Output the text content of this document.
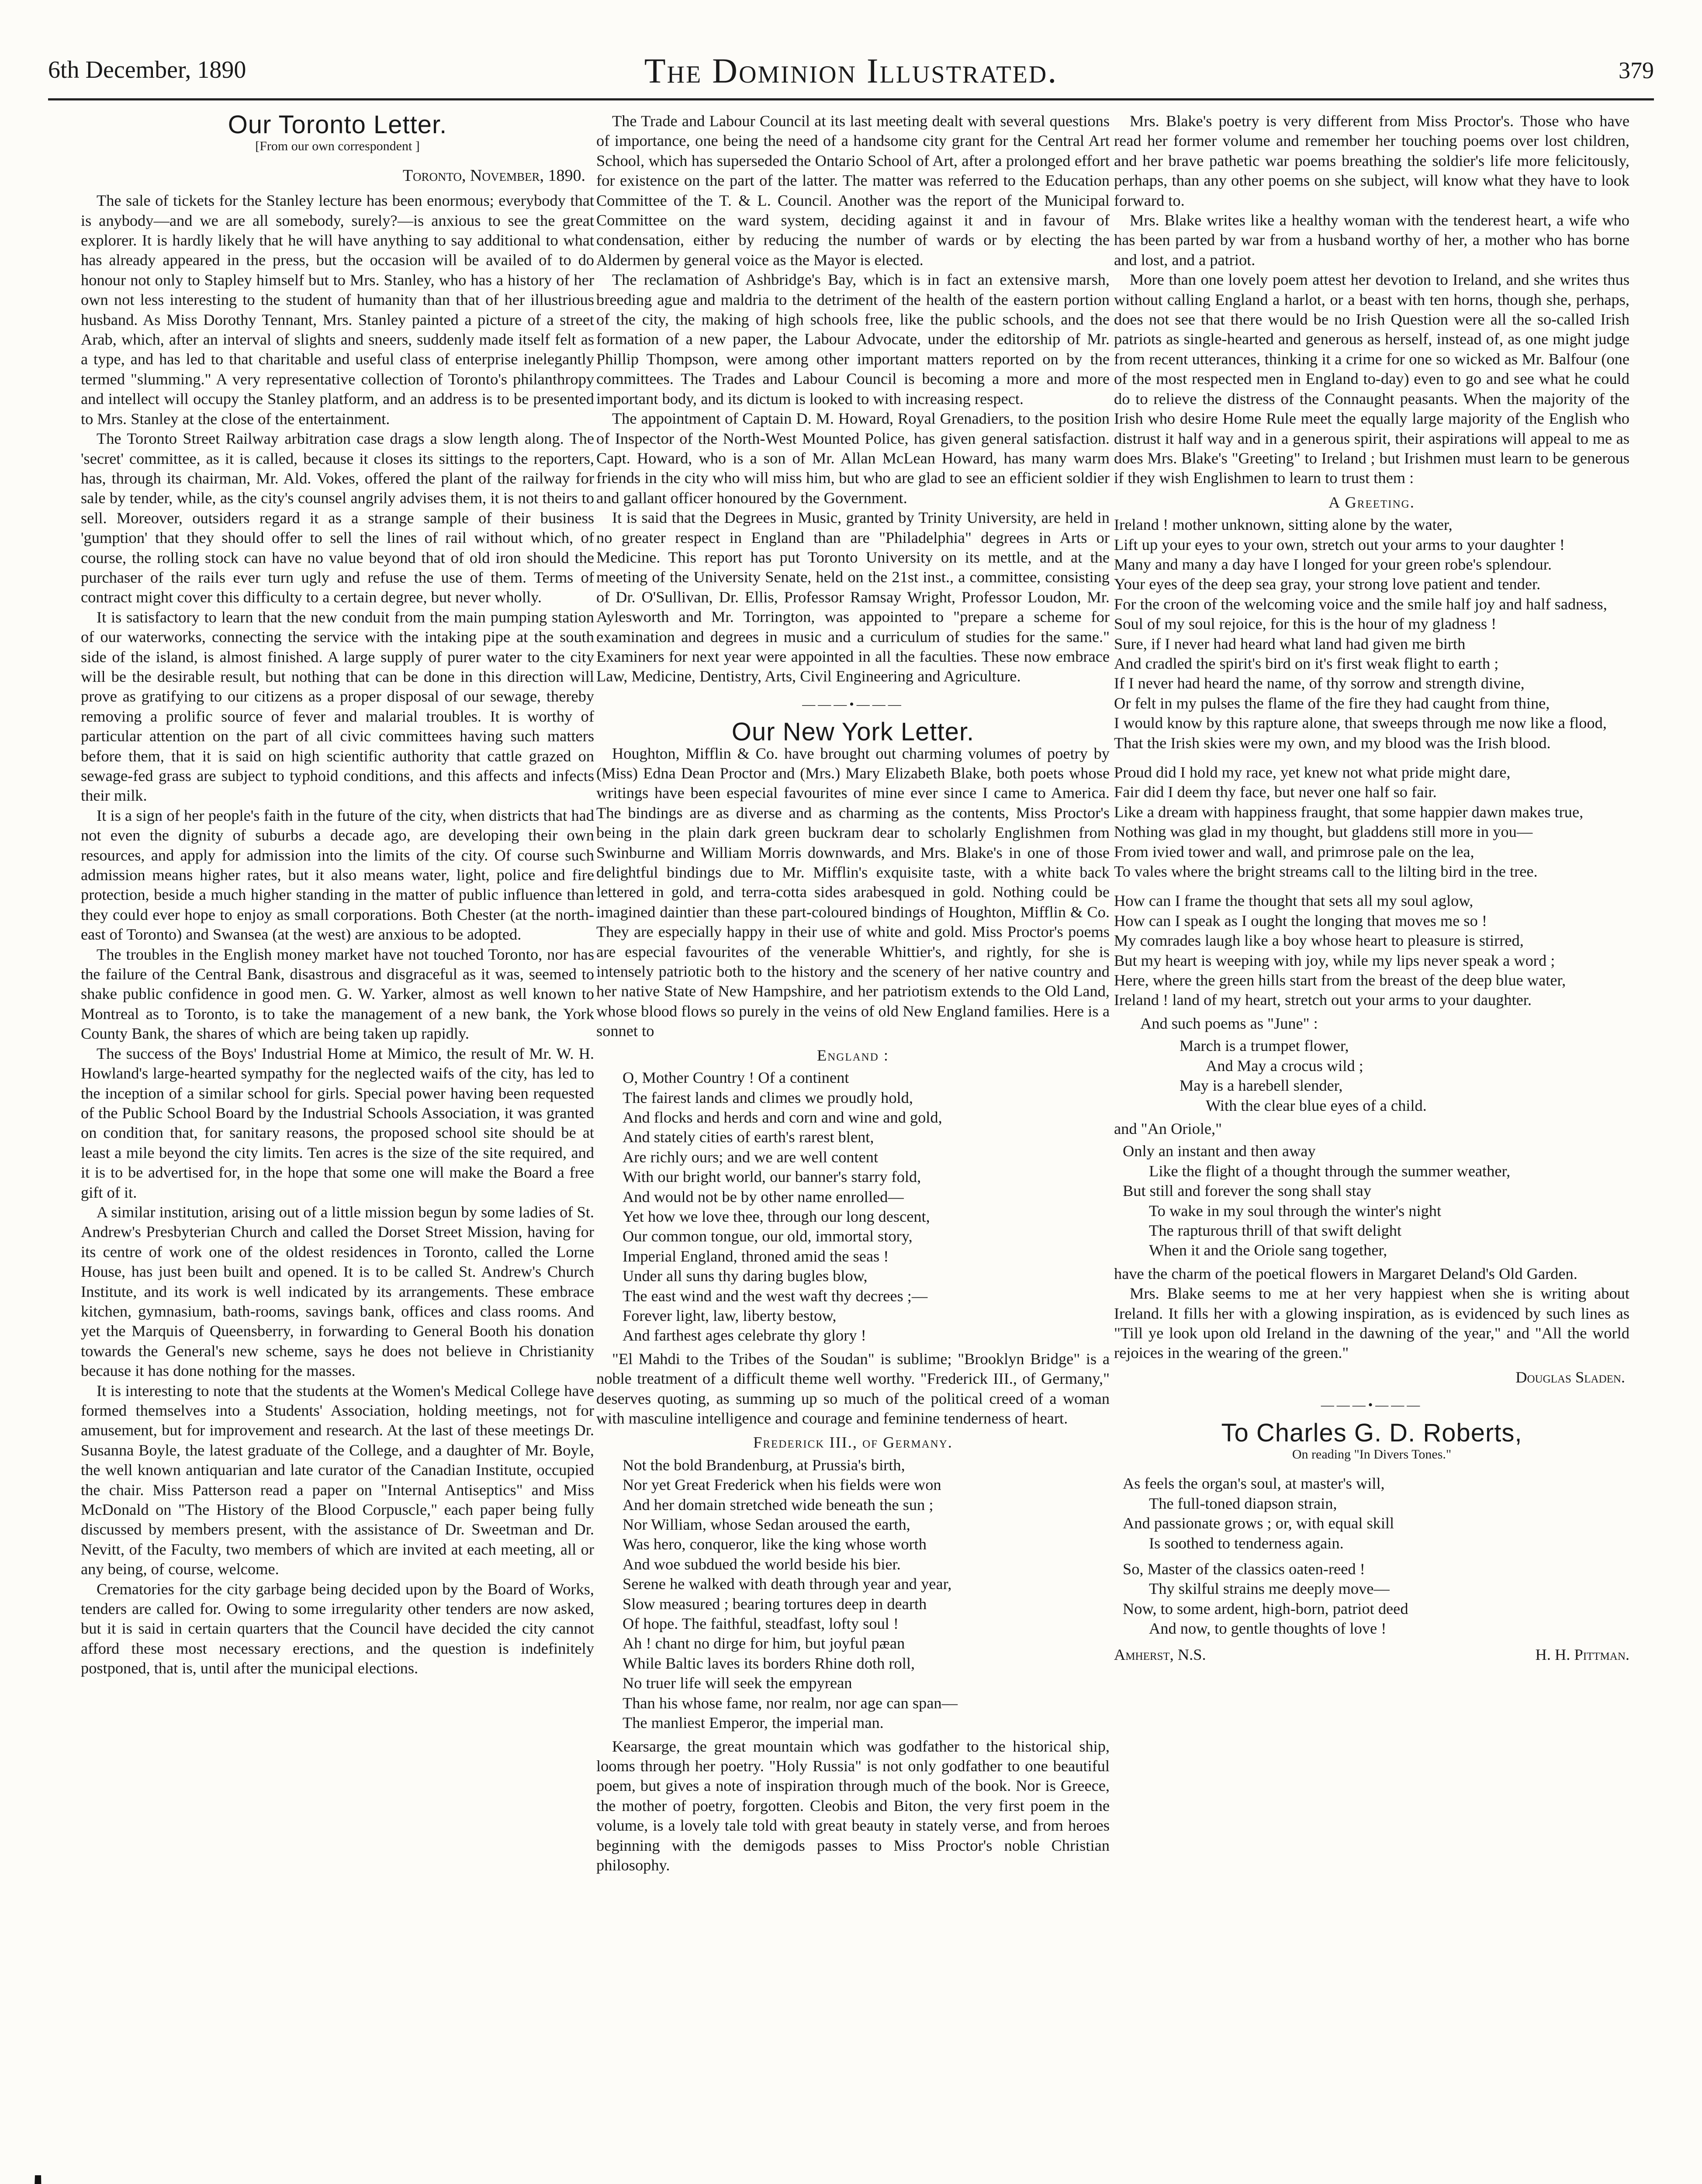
6th December, 1890	The Dominion Illustrated.	379
Our Toronto Letter.
[From our own correspondent ]
Toronto, November, 1890.

The sale of tickets for the Stanley lecture has been enormous; everybody that is anybody—and we are all somebody, surely?—is anxious to see the great explorer. It is hardly likely that he will have anything to say additional to what has already appeared in the press, but the occasion will be availed of to do honour not only to Stapley himself but to Mrs. Stanley, who has a history of her own not less interesting to the student of humanity than that of her illustrious husband. As Miss Dorothy Tennant, Mrs. Stanley painted a picture of a street Arab, which, after an interval of slights and sneers, suddenly made itself felt as a type, and has led to that charitable and useful class of enterprise inelegantly termed "slumming." A very representative collection of Toronto's philanthropy and intellect will occupy the Stanley platform, and an address is to be presented to Mrs. Stanley at the close of the entertainment.

The Toronto Street Railway arbitration case drags a slow length along. The 'secret' committee, as it is called, because it closes its sittings to the reporters, has, through its chairman, Mr. Ald. Vokes, offered the plant of the railway for sale by tender, while, as the city's counsel angrily advises them, it is not theirs to sell. Moreover, outsiders regard it as a strange sample of their business 'gumption' that they should offer to sell the lines of rail without which, of course, the rolling stock can have no value beyond that of old iron should the purchaser of the rails ever turn ugly and refuse the use of them. Terms of contract might cover this difficulty to a certain degree, but never wholly.

It is satisfactory to learn that the new conduit from the main pumping station of our waterworks, connecting the service with the intaking pipe at the south side of the island, is almost finished. A large supply of purer water to the city will be the desirable result, but nothing that can be done in this direction will prove as gratifying to our citizens as a proper disposal of our sewage, thereby removing a prolific source of fever and malarial troubles. It is worthy of particular attention on the part of all civic committees having such matters before them, that it is said on high scientific authority that cattle grazed on sewage-fed grass are subject to typhoid conditions, and this affects and infects their milk.

It is a sign of her people's faith in the future of the city, when districts that had not even the dignity of suburbs a decade ago, are developing their own resources, and apply for admission into the limits of the city. Of course such admission means higher rates, but it also means water, light, police and fire protection, beside a much higher standing in the matter of public influence than they could ever hope to enjoy as small corporations. Both Chester (at the north-east of Toronto) and Swansea (at the west) are anxious to be adopted.

The troubles in the English money market have not touched Toronto, nor has the failure of the Central Bank, disastrous and disgraceful as it was, seemed to shake public confidence in good men. G. W. Yarker, almost as well known to Montreal as to Toronto, is to take the management of a new bank, the York County Bank, the shares of which are being taken up rapidly.

The success of the Boys' Industrial Home at Mimico, the result of Mr. W. H. Howland's large-hearted sympathy for the neglected waifs of the city, has led to the inception of a similar school for girls. Special power having been requested of the Public School Board by the Industrial Schools Association, it was granted on condition that, for sanitary reasons, the proposed school site should be at least a mile beyond the city limits. Ten acres is the size of the site required, and it is to be advertised for, in the hope that some one will make the Board a free gift of it.

A similar institution, arising out of a little mission begun by some ladies of St. Andrew's Presbyterian Church and called the Dorset Street Mission, having for its centre of work one of the oldest residences in Toronto, called the Lorne House, has just been built and opened. It is to be called St. Andrew's Church Institute, and its work is well indicated by its arrangements. These embrace kitchen, gymnasium, bath-rooms, savings bank, offices and class rooms. And yet the Marquis of Queensberry, in forwarding to General Booth his donation towards the General's new scheme, says he does not believe in Christianity because it has done nothing for the masses.

It is interesting to note that the students at the Women's Medical College have formed themselves into a Students' Association, holding meetings, not for amusement, but for improvement and research. At the last of these meetings Dr. Susanna Boyle, the latest graduate of the College, and a daughter of Mr. Boyle, the well known antiquarian and late curator of the Canadian Institute, occupied the chair. Miss Patterson read a paper on "Internal Antiseptics" and Miss McDonald on "The History of the Blood Corpuscle," each paper being fully discussed by members present, with the assistance of Dr. Sweetman and Dr. Nevitt, of the Faculty, two members of which are invited at each meeting, all or any being, of course, welcome.

Crematories for the city garbage being decided upon by the Board of Works, tenders are called for. Owing to some irregularity other tenders are now asked, but it is said in certain quarters that the Council have decided the city cannot afford these most necessary erections, and the question is indefinitely postponed, that is, until after the municipal elections.

The Trade and Labour Council at its last meeting dealt with several questions of importance, one being the need of a handsome city grant for the Central Art School, which has superseded the Ontario School of Art, after a prolonged effort for existence on the part of the latter. The matter was referred to the Education Committee of the T. & L. Council. Another was the report of the Municipal Committee on the ward system, deciding against it and in favour of condensation, either by reducing the number of wards or by electing the Aldermen by general voice as the Mayor is elected.

The reclamation of Ashbridge's Bay, which is in fact an extensive marsh, breeding ague and maldria to the detriment of the health of the eastern portion of the city, the making of high schools free, like the public schools, and the formation of a new paper, the Labour Advocate, under the editorship of Mr. Phillip Thompson, were among other important matters reported on by the committees. The Trades and Labour Council is becoming a more and more important body, and its dictum is looked to with increasing respect.

The appointment of Captain D. M. Howard, Royal Grenadiers, to the position of Inspector of the North-West Mounted Police, has given general satisfaction. Capt. Howard, who is a son of Mr. Allan McLean Howard, has many warm friends in the city who will miss him, but who are glad to see an efficient soldier and gallant officer honoured by the Government.

It is said that the Degrees in Music, granted by Trinity University, are held in no greater respect in England than are "Philadelphia" degrees in Arts or Medicine. This report has put Toronto University on its mettle, and at the meeting of the University Senate, held on the 21st inst., a committee, consisting of Dr. O'Sullivan, Dr. Ellis, Professor Ramsay Wright, Professor Loudon, Mr. Aylesworth and Mr. Torrington, was appointed to "prepare a scheme for examination and degrees in music and a curriculum of studies for the same." Examiners for next year were appointed in all the faculties. These now embrace Law, Medicine, Dentistry, Arts, Civil Engineering and Agriculture.

———•———
Our New York Letter.

Houghton, Mifflin & Co. have brought out charming volumes of poetry by (Miss) Edna Dean Proctor and (Mrs.) Mary Elizabeth Blake, both poets whose writings have been especial favourites of mine ever since I came to America. The bindings are as diverse and as charming as the contents, Miss Proctor's being in the plain dark green buckram dear to scholarly Englishmen from Swinburne and William Morris downwards, and Mrs. Blake's in one of those delightful bindings due to Mr. Mifflin's exquisite taste, with a white back lettered in gold, and terra-cotta sides arabesqued in gold. Nothing could be imagined daintier than these part-coloured bindings of Houghton, Mifflin & Co. They are especially happy in their use of white and gold. Miss Proctor's poems are especial favourites of the venerable Whittier's, and rightly, for she is intensely patriotic both to the history and the scenery of her native country and her native State of New Hampshire, and her patriotism extends to the Old Land, whose blood flows so purely in the veins of old New England families. Here is a sonnet to

England :
O, Mother Country ! Of a continent
The fairest lands and climes we proudly hold,
And flocks and herds and corn and wine and gold,
And stately cities of earth's rarest blent,
Are richly ours; and we are well content
With our bright world, our banner's starry fold,
And would not be by other name enrolled—
Yet how we love thee, through our long descent,
Our common tongue, our old, immortal story,
Imperial England, throned amid the seas !
Under all suns thy daring bugles blow,
The east wind and the west waft thy decrees ;—
Forever light, law, liberty bestow,
And farthest ages celebrate thy glory !

"El Mahdi to the Tribes of the Soudan" is sublime; "Brooklyn Bridge" is a noble treatment of a difficult theme well worthy. "Frederick III., of Germany," deserves quoting, as summing up so much of the political creed of a woman with masculine intelligence and courage and feminine tenderness of heart.

Frederick III., of Germany.
Not the bold Brandenburg, at Prussia's birth,
Nor yet Great Frederick when his fields were won
And her domain stretched wide beneath the sun ;
Nor William, whose Sedan aroused the earth,
Was hero, conqueror, like the king whose worth
And woe subdued the world beside his bier.
Serene he walked with death through year and year,
Slow measured ; bearing tortures deep in dearth
Of hope. The faithful, steadfast, lofty soul !
Ah ! chant no dirge for him, but joyful pæan
While Baltic laves its borders Rhine doth roll,
No truer life will seek the empyrean
Than his whose fame, nor realm, nor age can span—
The manliest Emperor, the imperial man.

Kearsarge, the great mountain which was godfather to the historical ship, looms through her poetry. "Holy Russia" is not only godfather to one beautiful poem, but gives a note of inspiration through much of the book. Nor is Greece, the mother of poetry, forgotten. Cleobis and Biton, the very first poem in the volume, is a lovely tale told with great beauty in stately verse, and from heroes beginning with the demigods passes to Miss Proctor's noble Christian philosophy.

Mrs. Blake's poetry is very different from Miss Proctor's. Those who have read her former volume and remember her touching poems over lost children, and her brave pathetic war poems breathing the soldier's life more felicitously, perhaps, than any other poems on she subject, will know what they have to look forward to.

Mrs. Blake writes like a healthy woman with the tenderest heart, a wife who has been parted by war from a husband worthy of her, a mother who has borne and lost, and a patriot.

More than one lovely poem attest her devotion to Ireland, and she writes thus without calling England a harlot, or a beast with ten horns, though she, perhaps, does not see that there would be no Irish Question were all the so-called Irish patriots as single-hearted and generous as herself, instead of, as one might judge from recent utterances, thinking it a crime for one so wicked as Mr. Balfour (one of the most respected men in England to-day) even to go and see what he could do to relieve the distress of the Connaught peasants. When the majority of the Irish who desire Home Rule meet the equally large majority of the English who distrust it half way and in a generous spirit, their aspirations will appeal to me as does Mrs. Blake's "Greeting" to Ireland ; but Irishmen must learn to be generous if they wish Englishmen to learn to trust them :

A Greeting.
Ireland ! mother unknown, sitting alone by the water,
Lift up your eyes to your own, stretch out your arms to your daughter !
Many and many a day have I longed for your green robe's splendour.
Your eyes of the deep sea gray, your strong love patient and tender.
For the croon of the welcoming voice and the smile half joy and half sadness,
Soul of my soul rejoice, for this is the hour of my gladness !
Sure, if I never had heard what land had given me birth
And cradled the spirit's bird on it's first weak flight to earth ;
If I never had heard the name, of thy sorrow and strength divine,
Or felt in my pulses the flame of the fire they had caught from thine,
I would know by this rapture alone, that sweeps through me now like a flood,
That the Irish skies were my own, and my blood was the Irish blood.
Proud did I hold my race, yet knew not what pride might dare,
Fair did I deem thy face, but never one half so fair.
Like a dream with happiness fraught, that some happier dawn makes true,
Nothing was glad in my thought, but gladdens still more in you—
From ivied tower and wall, and primrose pale on the lea,
To vales where the bright streams call to the lilting bird in the tree.
How can I frame the thought that sets all my soul aglow,
How can I speak as I ought the longing that moves me so !
My comrades laugh like a boy whose heart to pleasure is stirred,
But my heart is weeping with joy, while my lips never speak a word ;
Here, where the green hills start from the breast of the deep blue water,
Ireland ! land of my heart, stretch out your arms to your daughter.
And such poems as "June" :
March is a trumpet flower,
And May a crocus wild ;
May is a harebell slender,
With the clear blue eyes of a child.
and "An Oriole,"
Only an instant and then away
Like the flight of a thought through the summer weather,
But still and forever the song shall stay
To wake in my soul through the winter's night
The rapturous thrill of that swift delight
When it and the Oriole sang together,

have the charm of the poetical flowers in Margaret Deland's Old Garden.

Mrs. Blake seems to me at her very happiest when she is writing about Ireland. It fills her with a glowing inspiration, as is evidenced by such lines as "Till ye look upon old Ireland in the dawning of the year," and "All the world rejoices in the wearing of the green."

Douglas Sladen.
———•———
To Charles G. D. Roberts,
On reading "In Divers Tones."
As feels the organ's soul, at master's will,
The full-toned diapson strain,
And passionate grows ; or, with equal skill
Is soothed to tenderness again.
So, Master of the classics oaten-reed !
Thy skilful strains me deeply move—
Now, to some ardent, high-born, patriot deed
And now, to gentle thoughts of love !
Amherst, N.S.	H. H. Pittman.
